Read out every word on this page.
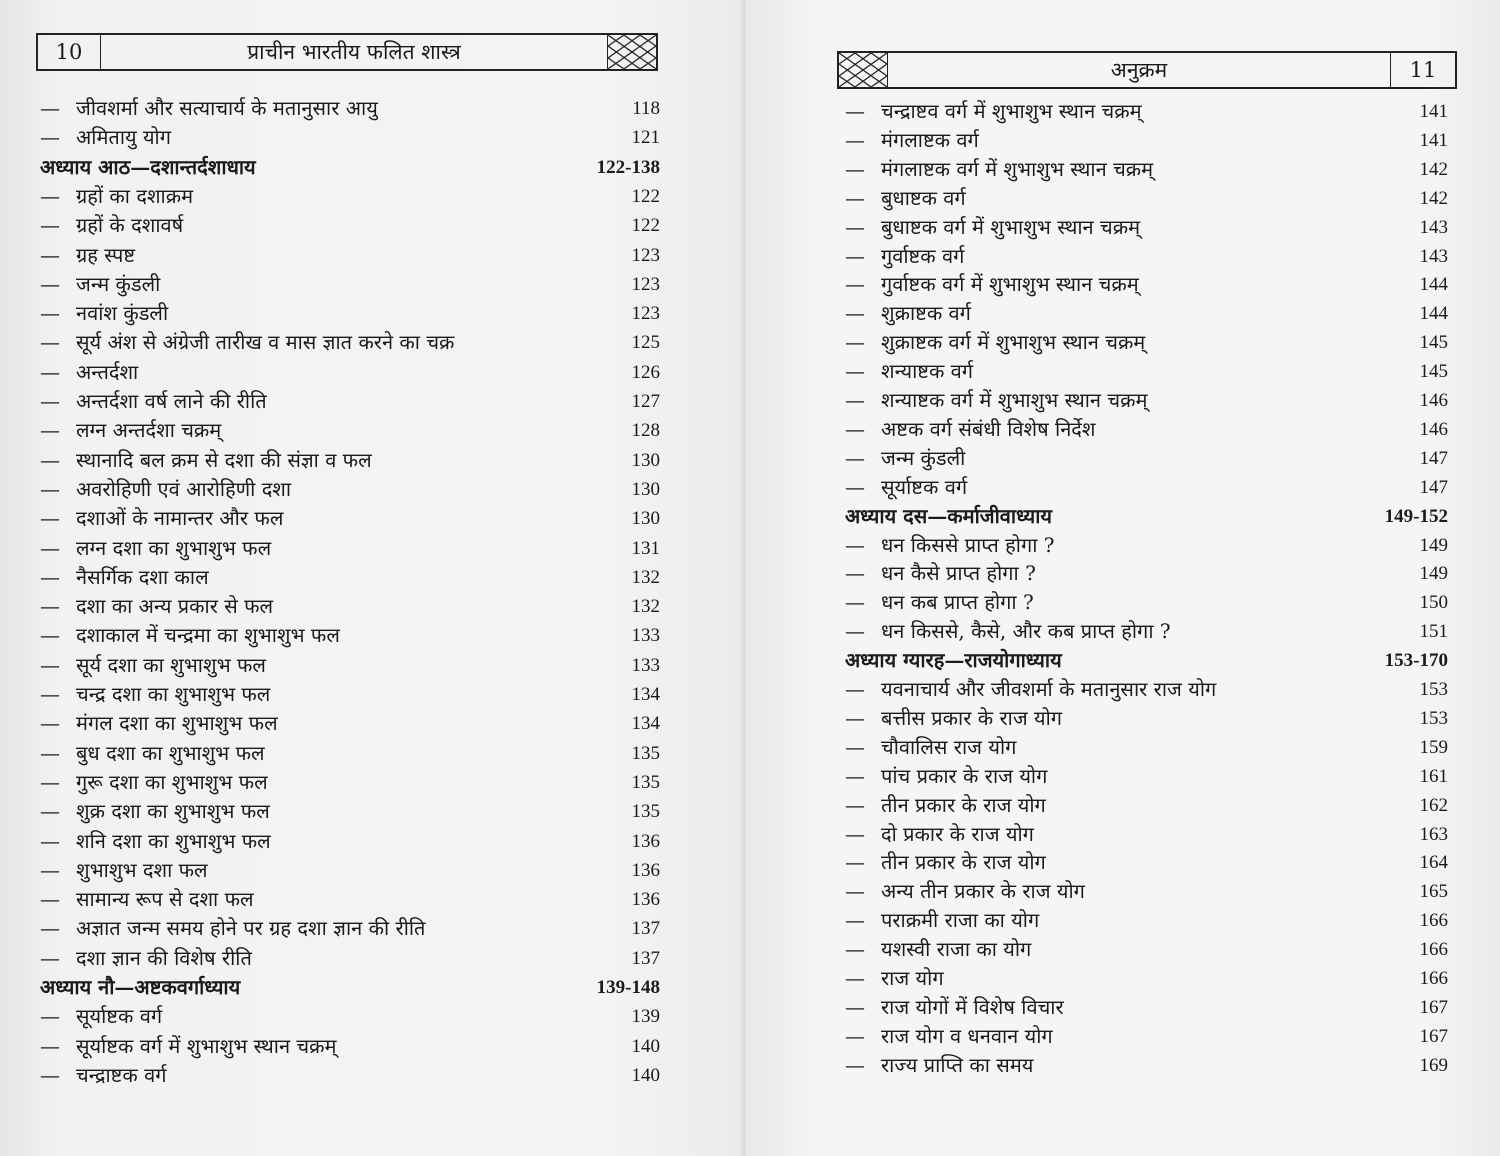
10	प्राचीन भारतीय फलित शास्त्र
— जीवशर्मा और सत्याचार्य के मतानुसार आयु	118
— अमितायु योग	121
अध्याय आठ—दशान्तर्दशाधाय	122-138
— ग्रहों का दशाक्रम	122
— ग्रहों के दशावर्ष	122
— ग्रह स्पष्ट	123
— जन्म कुंडली	123
— नवांश कुंडली	123
— सूर्य अंश से अंग्रेजी तारीख व मास ज्ञात करने का चक्र	125
— अन्तर्दशा	126
— अन्तर्दशा वर्ष लाने की रीति	127
— लग्न अन्तर्दशा चक्रम्	128
— स्थानादि बल क्रम से दशा की संज्ञा व फल	130
— अवरोहिणी एवं आरोहिणी दशा	130
— दशाओं के नामान्तर और फल	130
— लग्न दशा का शुभाशुभ फल	131
— नैसर्गिक दशा काल	132
— दशा का अन्य प्रकार से फल	132
— दशाकाल में चन्द्रमा का शुभाशुभ फल	133
— सूर्य दशा का शुभाशुभ फल	133
— चन्द्र दशा का शुभाशुभ फल	134
— मंगल दशा का शुभाशुभ फल	134
— बुध दशा का शुभाशुभ फल	135
— गुरू दशा का शुभाशुभ फल	135
— शुक्र दशा का शुभाशुभ फल	135
— शनि दशा का शुभाशुभ फल	136
— शुभाशुभ दशा फल	136
— सामान्य रूप से दशा फल	136
— अज्ञात जन्म समय होने पर ग्रह दशा ज्ञान की रीति	137
— दशा ज्ञान की विशेष रीति	137
अध्याय नौ—अष्टकवर्गाध्याय	139-148
— सूर्याष्टक वर्ग	139
— सूर्याष्टक वर्ग में शुभाशुभ स्थान चक्रम्	140
— चन्द्राष्टक वर्ग	140
अनुक्रम	11
— चन्द्राष्टव वर्ग में शुभाशुभ स्थान चक्रम्	141
— मंगलाष्टक वर्ग	141
— मंगलाष्टक वर्ग में शुभाशुभ स्थान चक्रम्	142
— बुधाष्टक वर्ग	142
— बुधाष्टक वर्ग में शुभाशुभ स्थान चक्रम्	143
— गुर्वाष्टक वर्ग	143
— गुर्वाष्टक वर्ग में शुभाशुभ स्थान चक्रम्	144
— शुक्राष्टक वर्ग	144
— शुक्राष्टक वर्ग में शुभाशुभ स्थान चक्रम्	145
— शन्याष्टक वर्ग	145
— शन्याष्टक वर्ग में शुभाशुभ स्थान चक्रम्	146
— अष्टक वर्ग संबंधी विशेष निर्देश	146
— जन्म कुंडली	147
— सूर्याष्टक वर्ग	147
अध्याय दस—कर्माजीवाध्याय	149-152
— धन किससे प्राप्त होगा ?	149
— धन कैसे प्राप्त होगा ?	149
— धन कब प्राप्त होगा ?	150
— धन किससे, कैसे, और कब प्राप्त होगा ?	151
अध्याय ग्यारह—राजयोगाध्याय	153-170
— यवनाचार्य और जीवशर्मा के मतानुसार राज योग	153
— बत्तीस प्रकार के राज योग	153
— चौवालिस राज योग	159
— पांच प्रकार के राज योग	161
— तीन प्रकार के राज योग	162
— दो प्रकार के राज योग	163
— तीन प्रकार के राज योग	164
— अन्य तीन प्रकार के राज योग	165
— पराक्रमी राजा का योग	166
— यशस्वी राजा का योग	166
— राज योग	166
— राज योगों में विशेष विचार	167
— राज योग व धनवान योग	167
— राज्य प्राप्ति का समय	169
